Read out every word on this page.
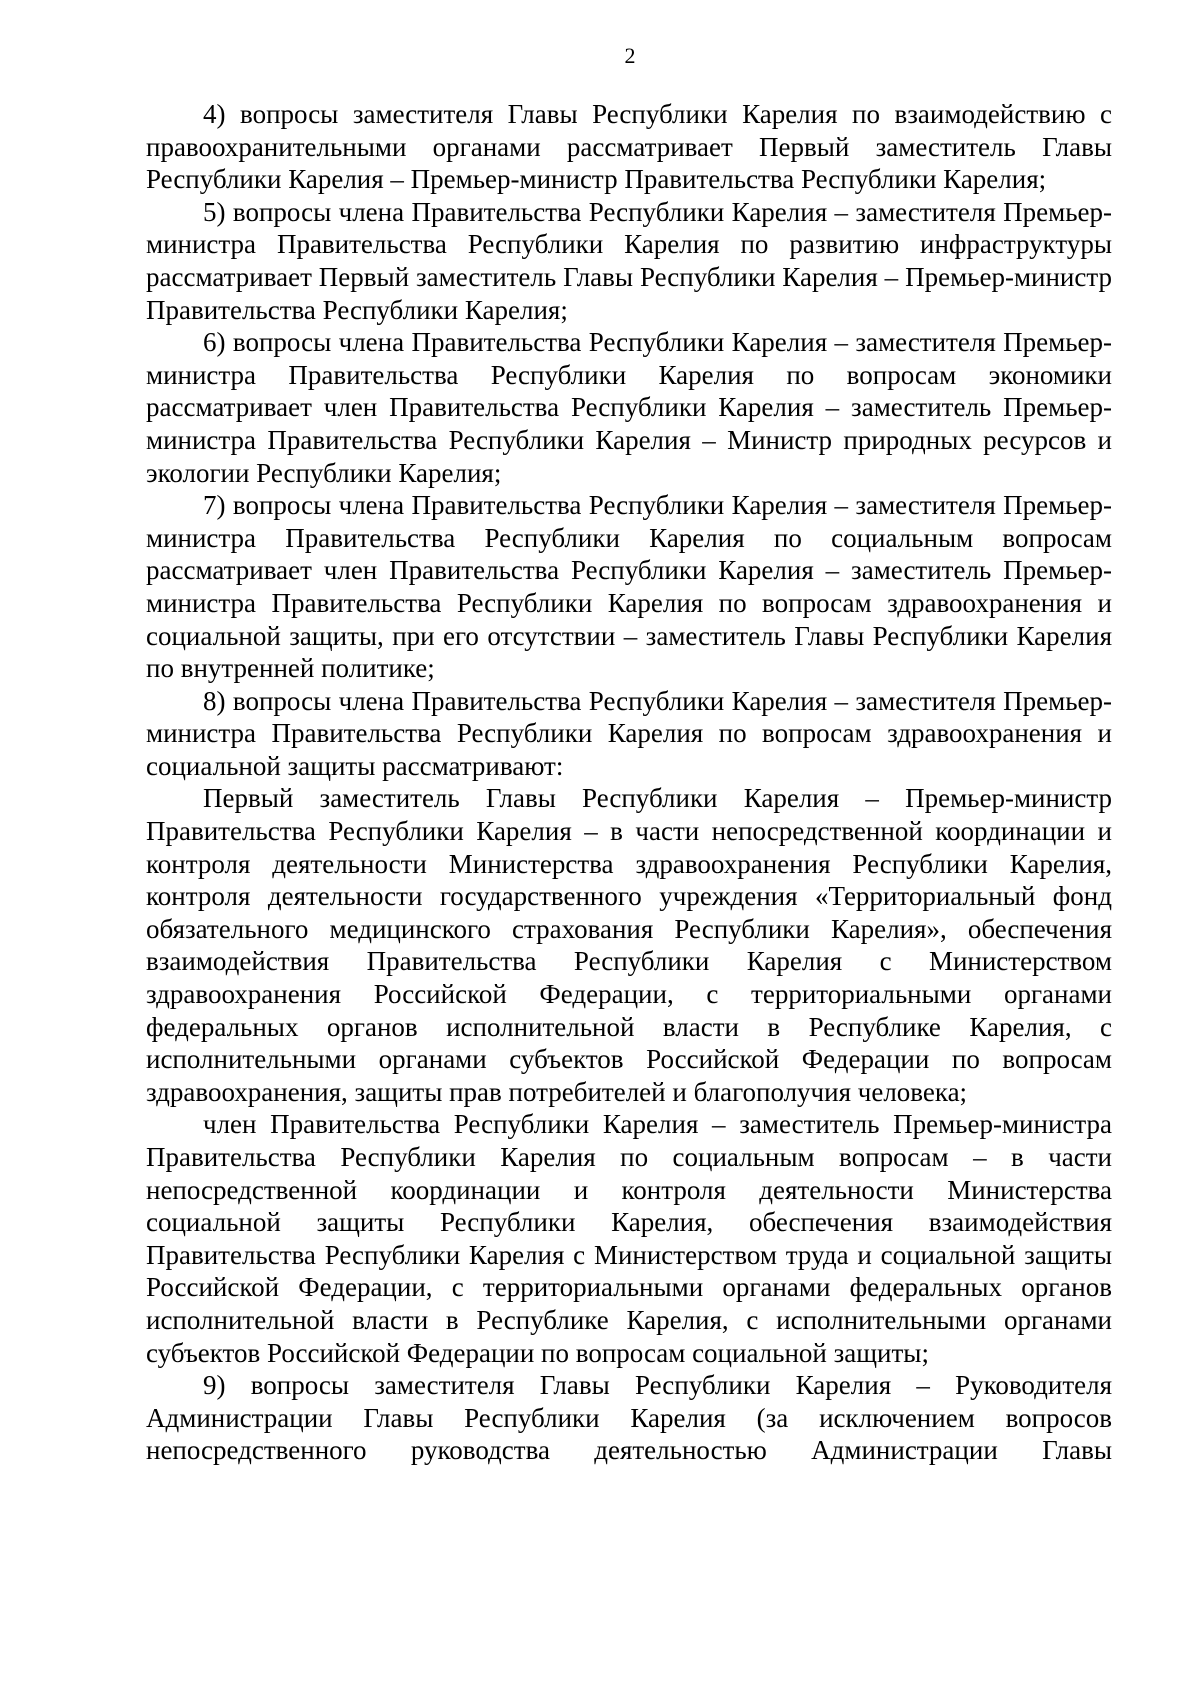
2

4) вопросы заместителя Главы Республики Карелия по взаимодействию с правоохранительными органами рассматривает Первый заместитель Главы Республики Карелия – Премьер-министр Правительства Республики Карелия;

5) вопросы члена Правительства Республики Карелия – заместителя Премьер-министра Правительства Республики Карелия по развитию инфраструктуры рассматривает Первый заместитель Главы Республики Карелия – Премьер-министр Правительства Республики Карелия;

6) вопросы члена Правительства Республики Карелия – заместителя Премьер-министра Правительства Республики Карелия по вопросам экономики рассматривает член Правительства Республики Карелия – заместитель Премьер-министра Правительства Республики Карелия – Министр природных ресурсов и экологии Республики Карелия;

7) вопросы члена Правительства Республики Карелия – заместителя Премьер-министра Правительства Республики Карелия по социальным вопросам рассматривает член Правительства Республики Карелия – заместитель Премьер-министра Правительства Республики Карелия по вопросам здравоохранения и социальной защиты, при его отсутствии – заместитель Главы Республики Карелия по внутренней политике;

8) вопросы члена Правительства Республики Карелия – заместителя Премьер-министра Правительства Республики Карелия по вопросам здравоохранения и социальной защиты рассматривают:

Первый заместитель Главы Республики Карелия – Премьер-министр Правительства Республики Карелия – в части непосредственной координации и контроля деятельности Министерства здравоохранения Республики Карелия, контроля деятельности государственного учреждения «Территориальный фонд обязательного медицинского страхования Республики Карелия», обеспечения взаимодействия Правительства Республики Карелия с Министерством здравоохранения Российской Федерации, с территориальными органами федеральных органов исполнительной власти в Республике Карелия, с исполнительными органами субъектов Российской Федерации по вопросам здравоохранения, защиты прав потребителей и благополучия человека;

член Правительства Республики Карелия – заместитель Премьер-министра Правительства Республики Карелия по социальным вопросам – в части непосредственной координации и контроля деятельности Министерства социальной защиты Республики Карелия, обеспечения взаимодействия Правительства Республики Карелия с Министерством труда и социальной защиты Российской Федерации, с территориальными органами федеральных органов исполнительной власти в Республике Карелия, с исполнительными органами субъектов Российской Федерации по вопросам социальной защиты;

9) вопросы заместителя Главы Республики Карелия – Руководителя Администрации Главы Республики Карелия (за исключением вопросов непосредственного руководства деятельностью Администрации Главы
